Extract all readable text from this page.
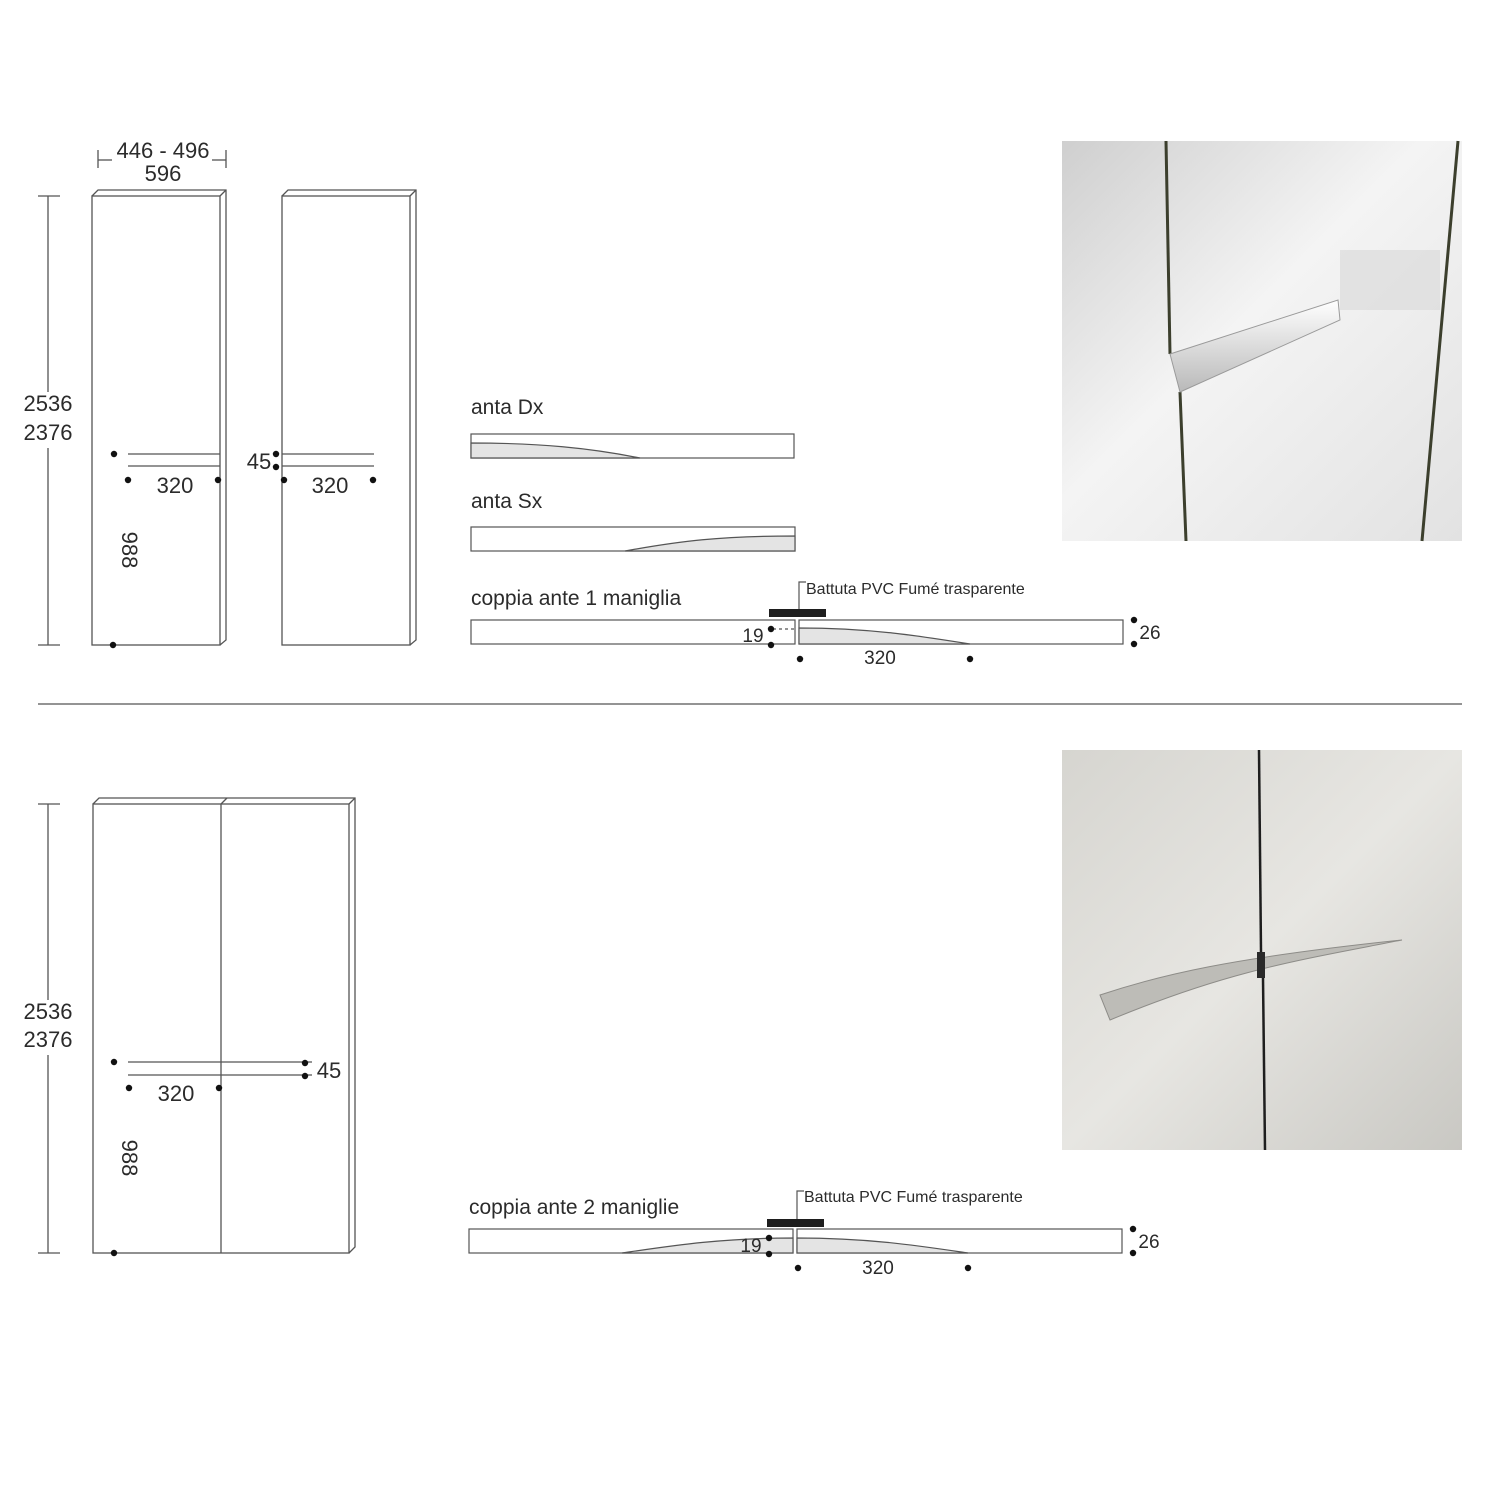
446 - 496
596
2536
2376
988
320
45
320
anta Dx
anta Sx
coppia ante 1 maniglia	Battuta PVC Fumé trasparente
19	26
320
2536
2376
988
320
45
coppia ante 2 maniglie	Battuta PVC Fumé trasparente
19	26
320
